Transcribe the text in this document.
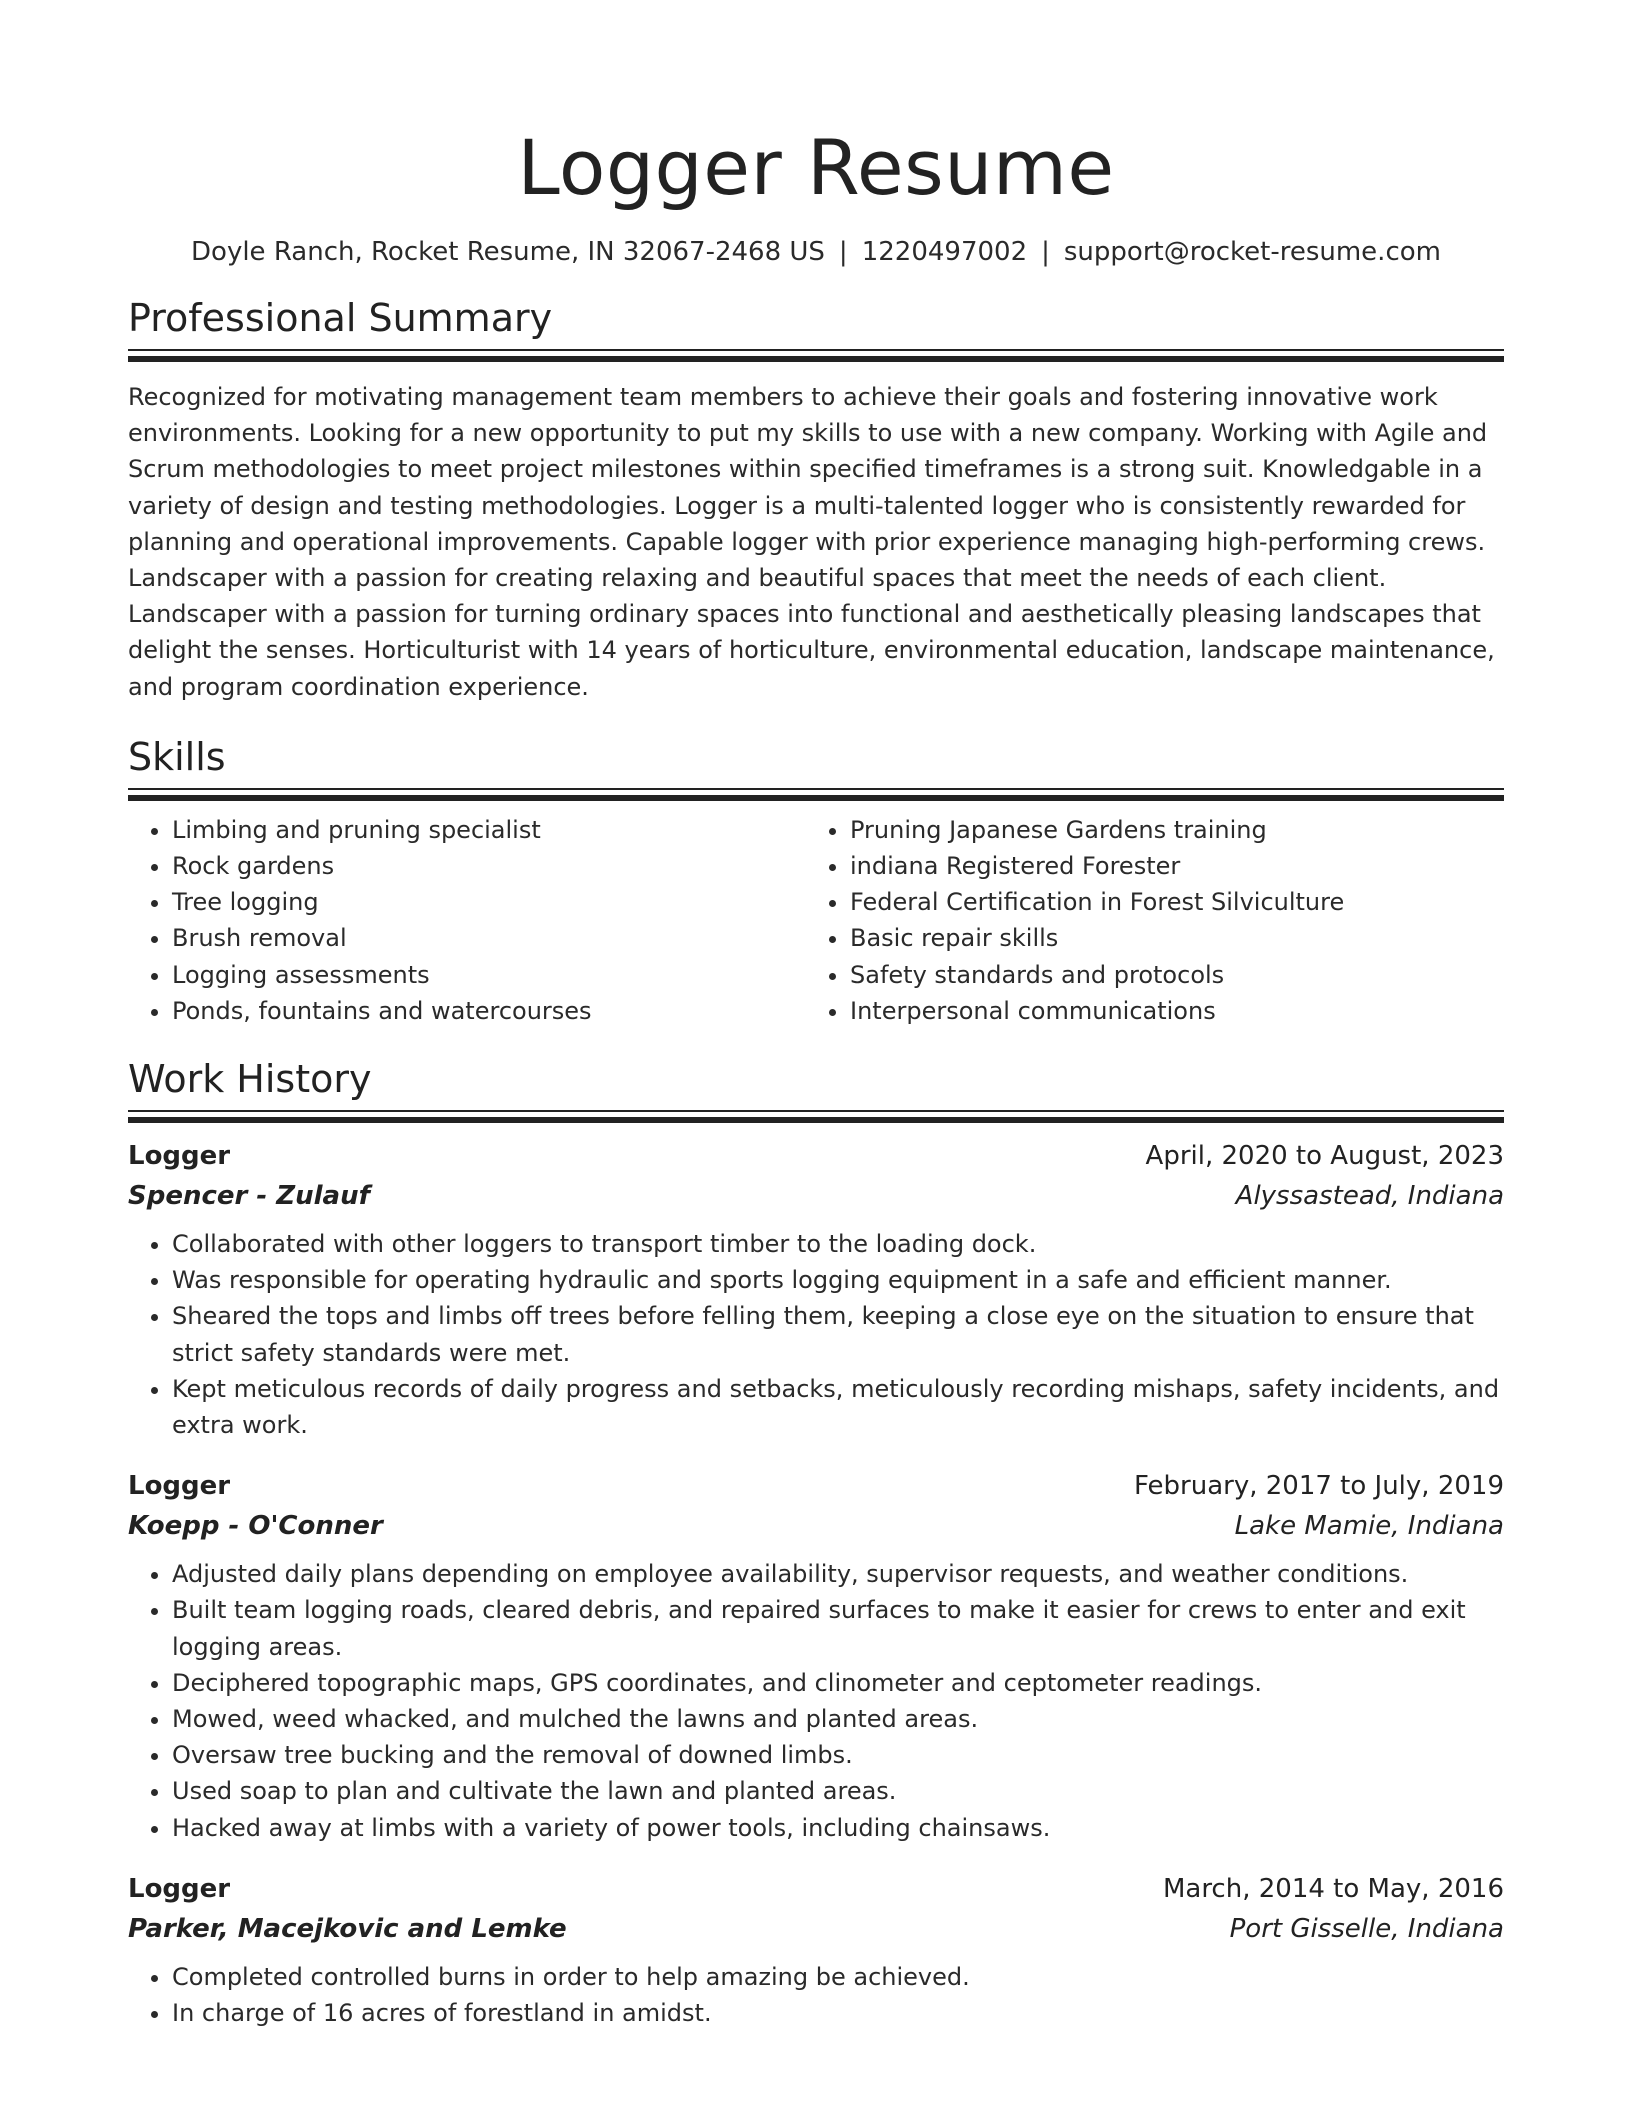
Logger Resume
Doyle Ranch, Rocket Resume, IN 32067-2468 US | 1220497002 | support@rocket-resume.com
Professional Summary

Recognized for motivating management team members to achieve their goals and fostering innovative work environments. Looking for a new opportunity to put my skills to use with a new company. Working with Agile and Scrum methodologies to meet project milestones within specified timeframes is a strong suit. Knowledgable in a variety of design and testing methodologies. Logger is a multi-talented logger who is consistently rewarded for planning and operational improvements. Capable logger with prior experience managing high-performing crews. Landscaper with a passion for creating relaxing and beautiful spaces that meet the needs of each client. Landscaper with a passion for turning ordinary spaces into functional and aesthetically pleasing landscapes that delight the senses. Horticulturist with 14 years of horticulture, environmental education, landscape maintenance, and program coordination experience.

Skills
• Limbing and pruning specialist
• Rock gardens
• Tree logging
• Brush removal
• Logging assessments
• Ponds, fountains and watercourses
• Pruning Japanese Gardens training
• indiana Registered Forester
• Federal Certification in Forest Silviculture
• Basic repair skills
• Safety standards and protocols
• Interpersonal communications
Work History
Logger	April, 2020 to August, 2023
Spencer - Zulauf	Alyssastead, Indiana
• Collaborated with other loggers to transport timber to the loading dock.
• Was responsible for operating hydraulic and sports logging equipment in a safe and efficient manner.
• Sheared the tops and limbs off trees before felling them, keeping a close eye on the situation to ensure that strict safety standards were met.
• Kept meticulous records of daily progress and setbacks, meticulously recording mishaps, safety incidents, and extra work.
Logger	February, 2017 to July, 2019
Koepp - O'Conner	Lake Mamie, Indiana
• Adjusted daily plans depending on employee availability, supervisor requests, and weather conditions.
• Built team logging roads, cleared debris, and repaired surfaces to make it easier for crews to enter and exit logging areas.
• Deciphered topographic maps, GPS coordinates, and clinometer and ceptometer readings.
• Mowed, weed whacked, and mulched the lawns and planted areas.
• Oversaw tree bucking and the removal of downed limbs.
• Used soap to plan and cultivate the lawn and planted areas.
• Hacked away at limbs with a variety of power tools, including chainsaws.
Logger	March, 2014 to May, 2016
Parker, Macejkovic and Lemke	Port Gisselle, Indiana
• Completed controlled burns in order to help amazing be achieved.
• In charge of 16 acres of forestland in amidst.
